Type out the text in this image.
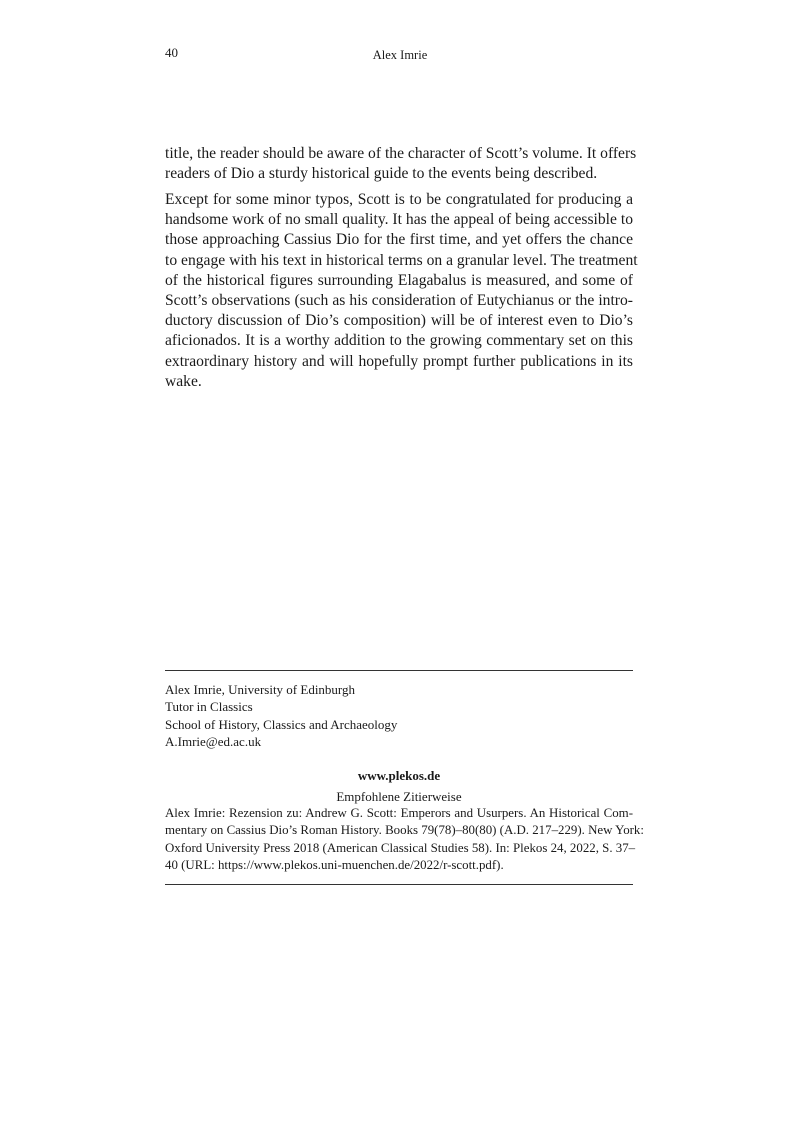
40	Alex Imrie
title, the reader should be aware of the character of Scott’s volume. It offers
readers of Dio a sturdy historical guide to the events being described.
Except for some minor typos, Scott is to be congratulated for producing a
handsome work of no small quality. It has the appeal of being accessible to
those approaching Cassius Dio for the first time, and yet offers the chance
to engage with his text in historical terms on a granular level. The treatment
of the historical figures surrounding Elagabalus is measured, and some of
Scott’s observations (such as his consideration of Eutychianus or the intro-
ductory discussion of Dio’s composition) will be of interest even to Dio’s
aficionados. It is a worthy addition to the growing commentary set on this
extraordinary history and will hopefully prompt further publications in its
wake.
Alex Imrie, University of Edinburgh
Tutor in Classics
School of History, Classics and Archaeology
A.Imrie@ed.ac.uk
www.plekos.de
Empfohlene Zitierweise
Alex Imrie: Rezension zu: Andrew G. Scott: Emperors and Usurpers. An Historical Com-
mentary on Cassius Dio’s Roman History. Books 79(78)–80(80) (A.D. 217–229). New York:
Oxford University Press 2018 (American Classical Studies 58). In: Plekos 24, 2022, S. 37–
40 (URL: https://www.plekos.uni-muenchen.de/2022/r-scott.pdf).
